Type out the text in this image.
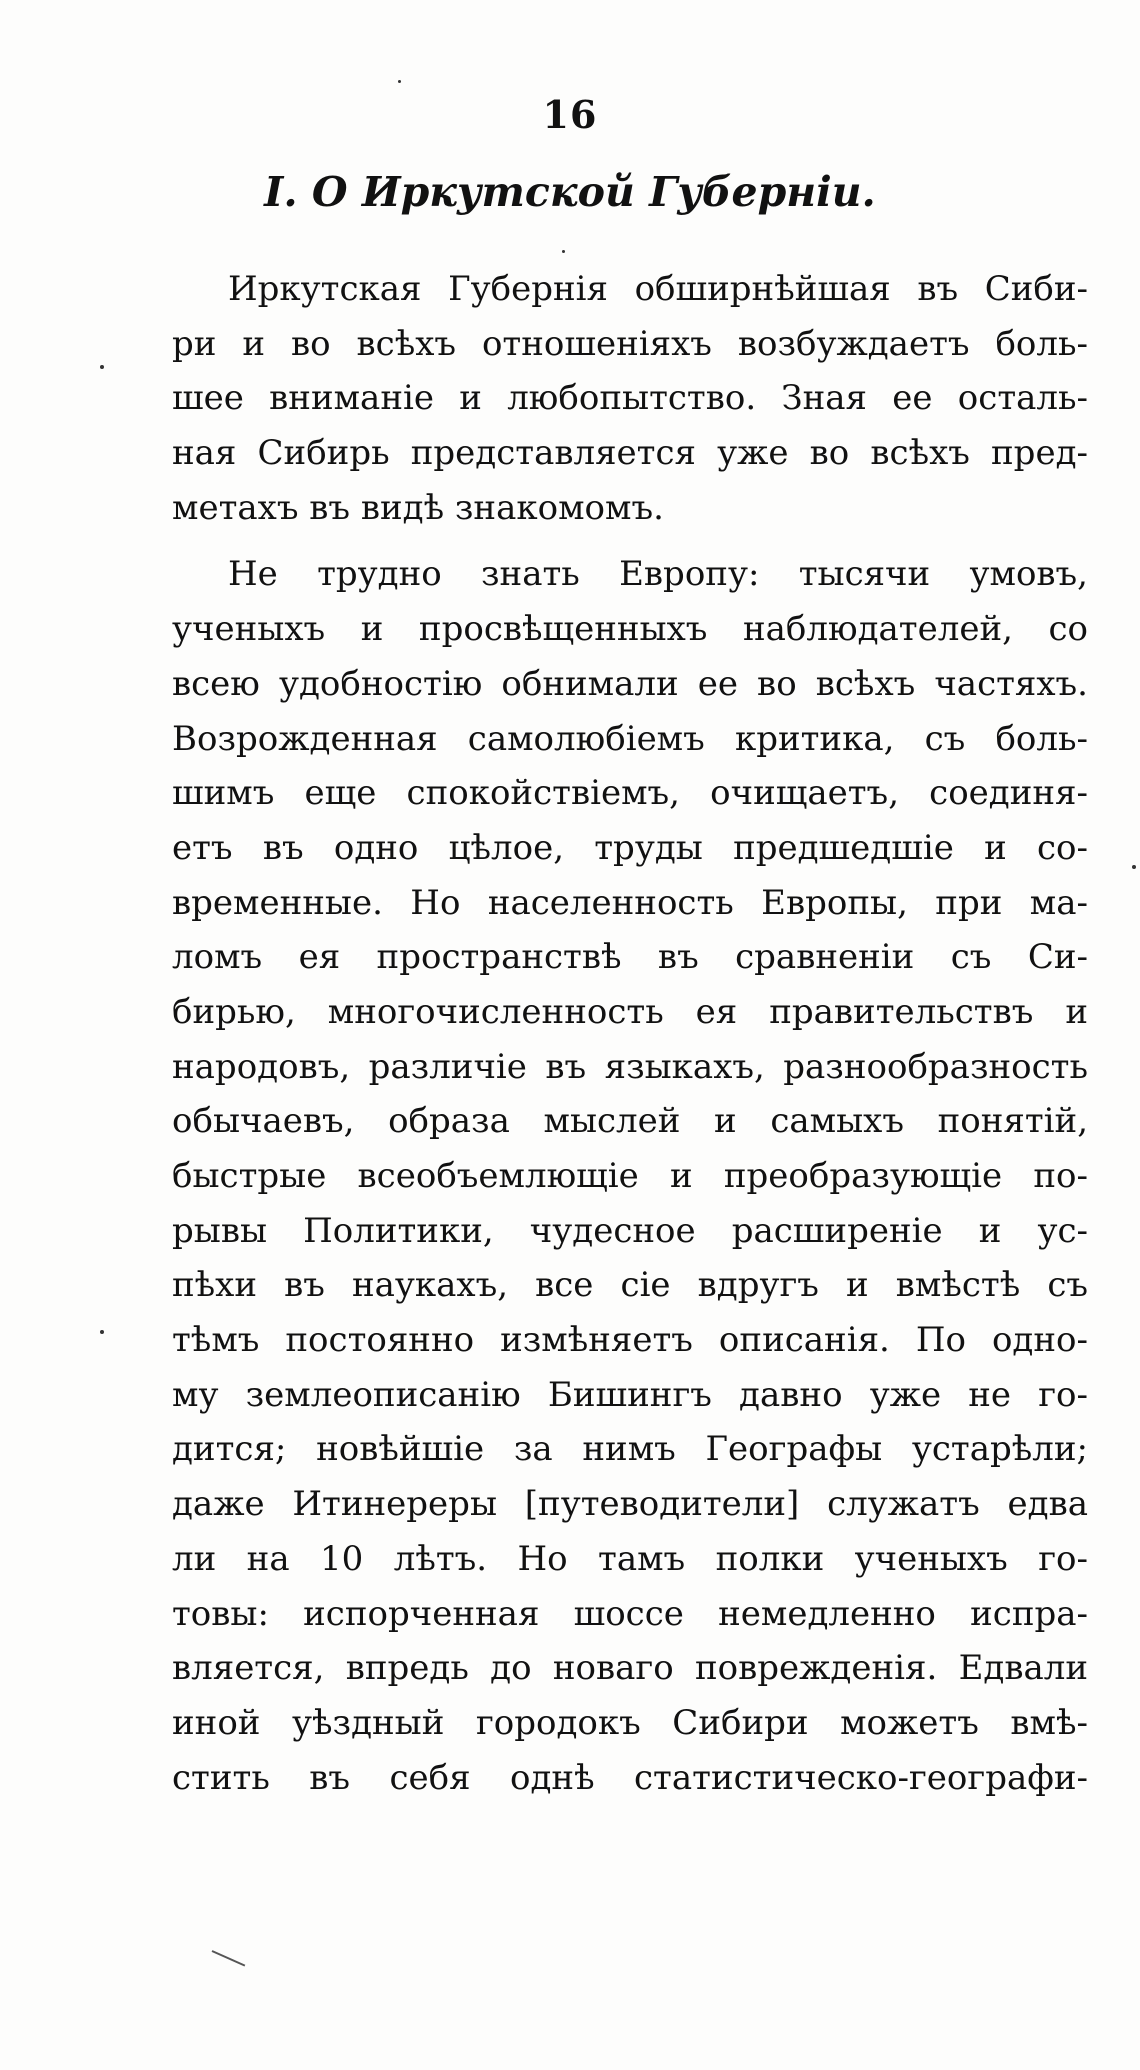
16
I. О Иркутской Губерніи.
Иркутская Губернія обширнѣйшая въ Сиби-
ри и во всѣхъ отношеніяхъ возбуждаетъ боль-
шее вниманіе и любопытство. Зная ее осталь-
ная Сибирь представляется уже во всѣхъ пред-
метахъ въ видѣ знакомомъ.
Не трудно знать Европу: тысячи умовъ,
ученыхъ и просвѣщенныхъ наблюдателей, со
всею удобностію обнимали ее во всѣхъ частяхъ.
Возрожденная самолюбіемъ критика, съ боль-
шимъ еще спокойствіемъ, очищаетъ, соединя-
етъ въ одно цѣлое, труды предшедшіе и со-
временные. Но населенность Европы, при ма-
ломъ ея пространствѣ въ сравненіи съ Си-
бирью, многочисленность ея правительствъ и
народовъ, различіе въ языкахъ, разнообразность
обычаевъ, образа мыслей и самыхъ понятій,
быстрые всеобъемлющіе и преобразующіе по-
рывы Политики, чудесное расширеніе и ус-
пѣхи въ наукахъ, все сіе вдругъ и вмѣстѣ съ
тѣмъ постоянно измѣняетъ описанія. По одно-
му землеописанію Бишингъ давно уже не го-
дится; новѣйшіе за нимъ Географы устарѣли;
даже Итинереры [путеводители] служатъ едва
ли на 10 лѣтъ. Но тамъ полки ученыхъ го-
товы: испорченная шоссе немедленно испра-
вляется, впредь до новаго поврежденія. Едвали
иной уѣздный городокъ Сибири можетъ вмѣ-
стить въ себя однѣ статистическо-географи-
